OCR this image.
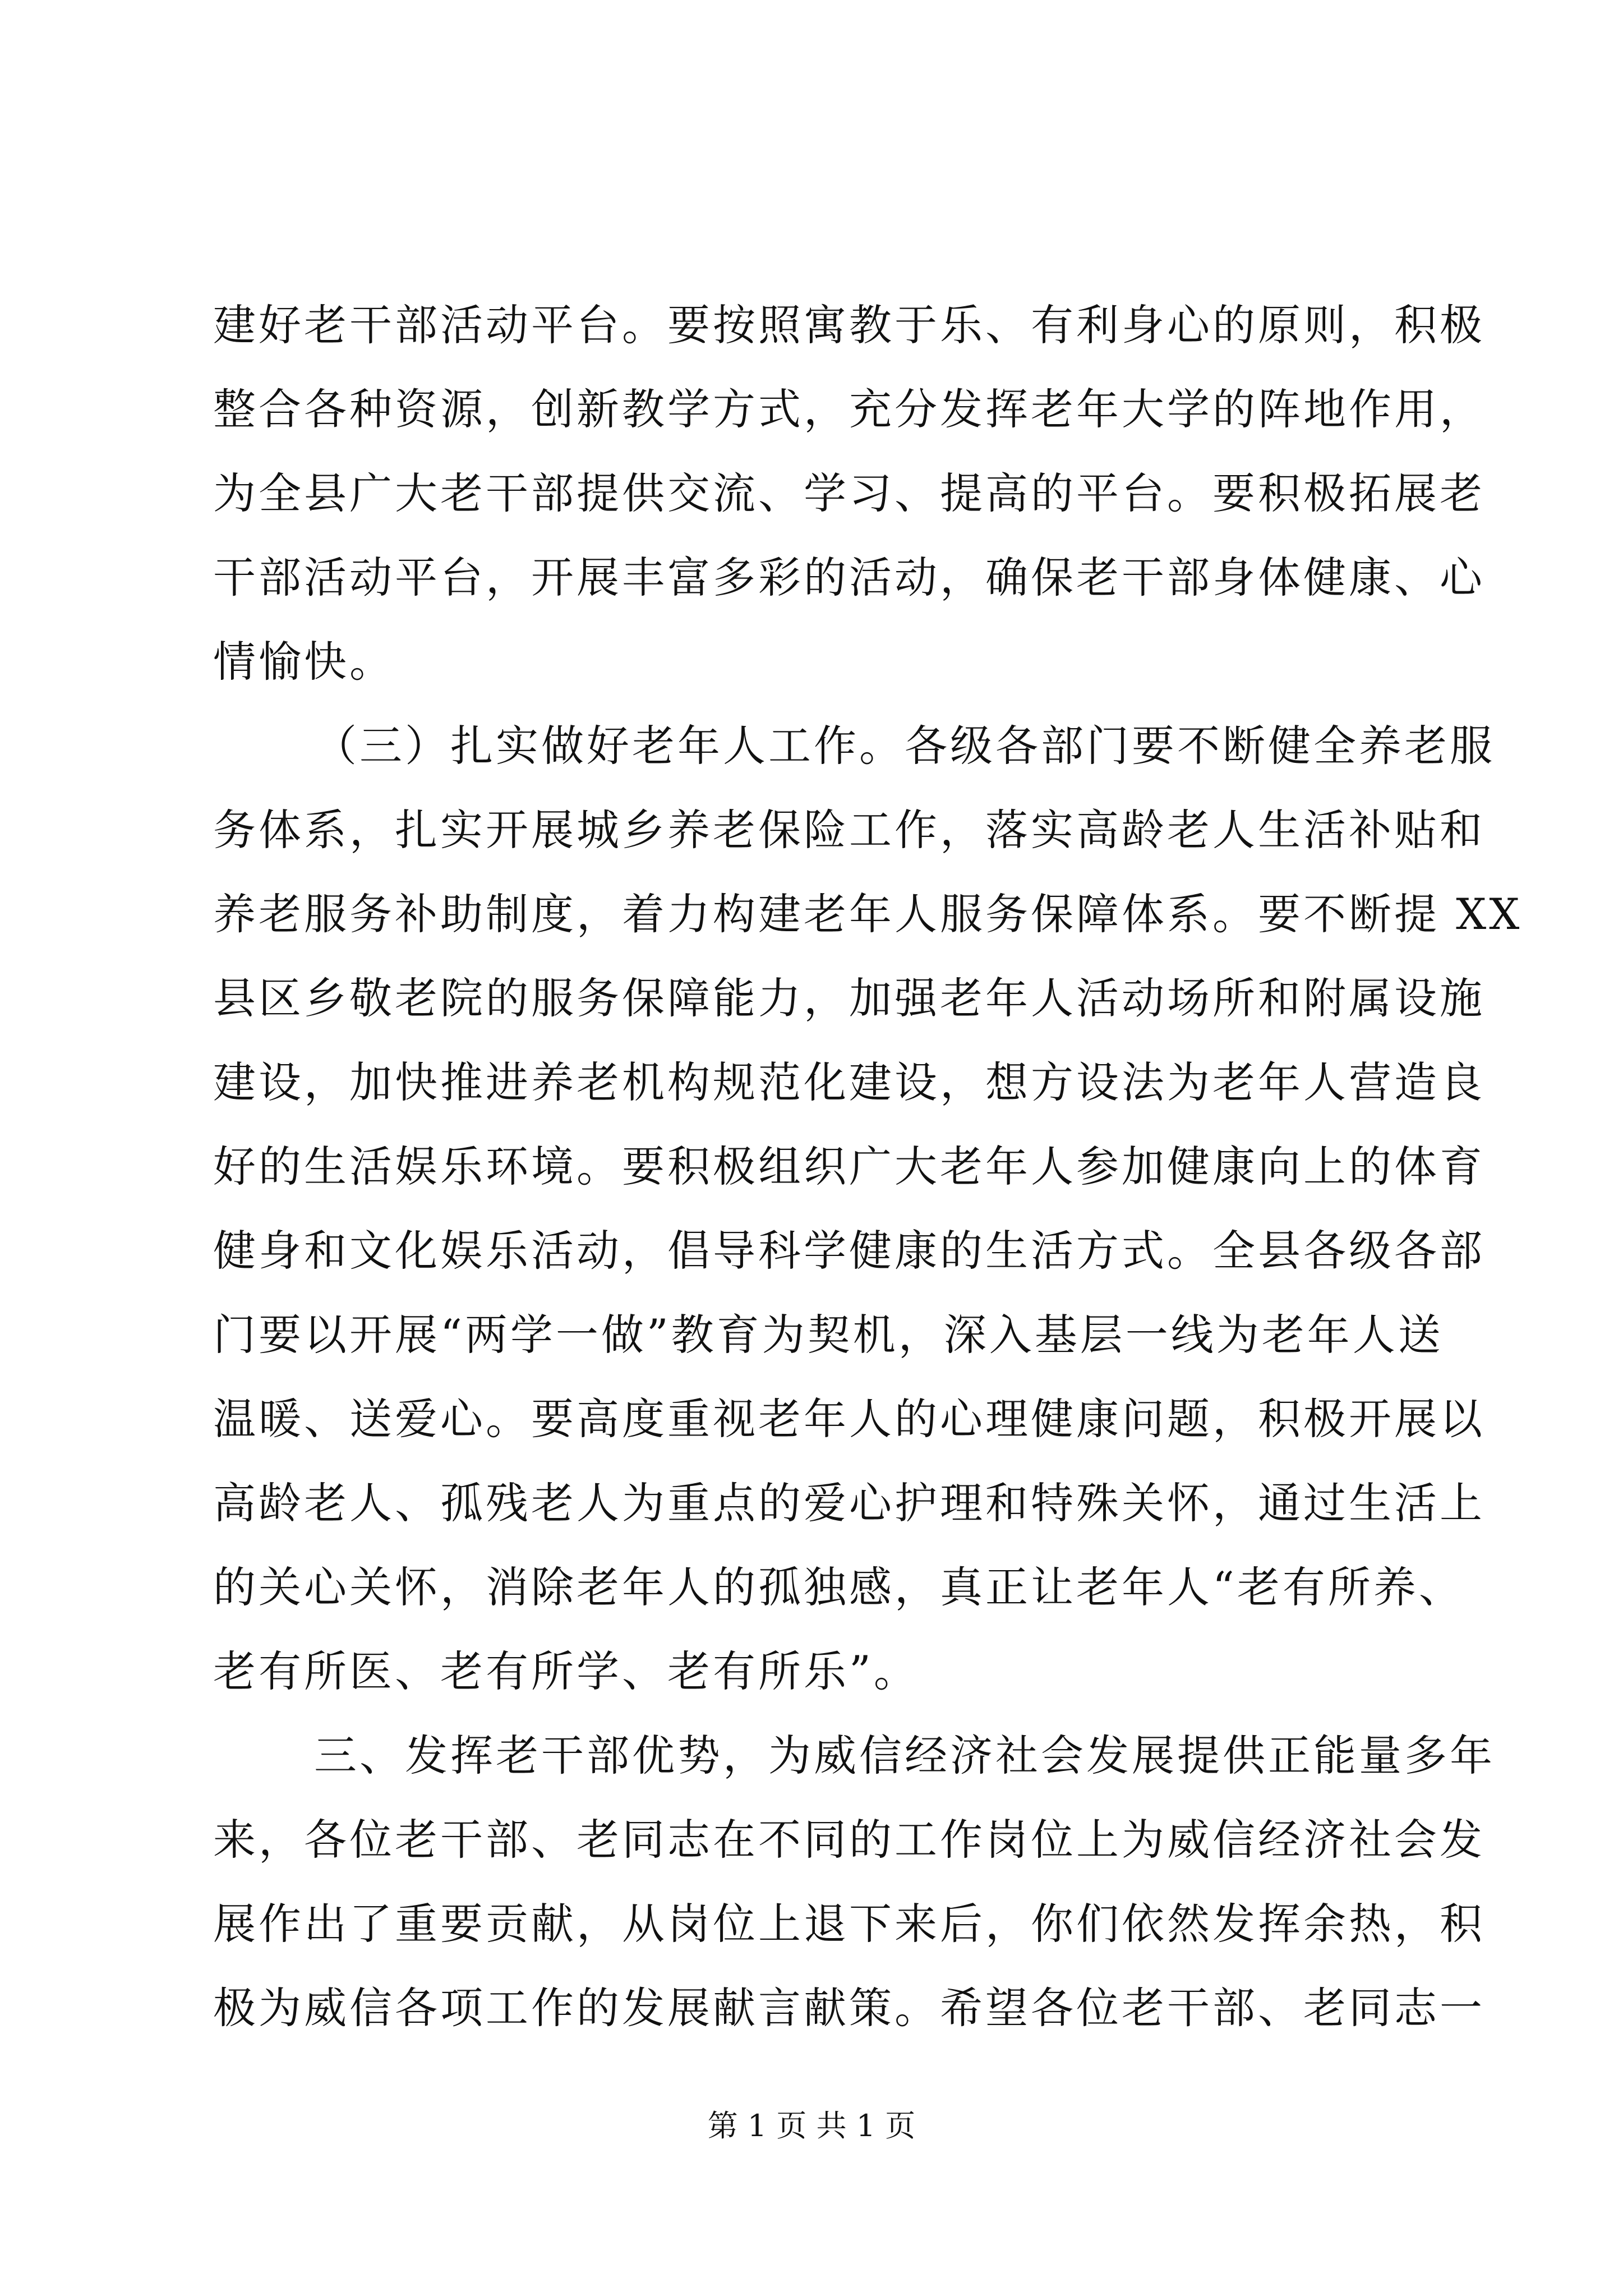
建好老干部活动平台。要按照寓教于乐、有利身心的原则，积极
整合各种资源，创新教学方式，充分发挥老年大学的阵地作用，
为全县广大老干部提供交流、学习、提高的平台。要积极拓展老
干部活动平台，开展丰富多彩的活动，确保老干部身体健康、心
情愉快。
（三）扎实做好老年人工作。各级各部门要不断健全养老服
务体系，扎实开展城乡养老保险工作，落实高龄老人生活补贴和
养老服务补助制度，着力构建老年人服务保障体系。要不断提 XX
县区乡敬老院的服务保障能力，加强老年人活动场所和附属设施
建设，加快推进养老机构规范化建设，想方设法为老年人营造良
好的生活娱乐环境。要积极组织广大老年人参加健康向上的体育
健身和文化娱乐活动，倡导科学健康的生活方式。全县各级各部
门要以开展“两学一做”教育为契机，深入基层一线为老年人送
温暖、送爱心。要高度重视老年人的心理健康问题，积极开展以
高龄老人、孤残老人为重点的爱心护理和特殊关怀，通过生活上
的关心关怀，消除老年人的孤独感，真正让老年人“老有所养、
老有所医、老有所学、老有所乐”。
三、发挥老干部优势，为威信经济社会发展提供正能量多年
来，各位老干部、老同志在不同的工作岗位上为威信经济社会发
展作出了重要贡献，从岗位上退下来后，你们依然发挥余热，积
极为威信各项工作的发展献言献策。希望各位老干部、老同志一
第 1 页 共 1 页
